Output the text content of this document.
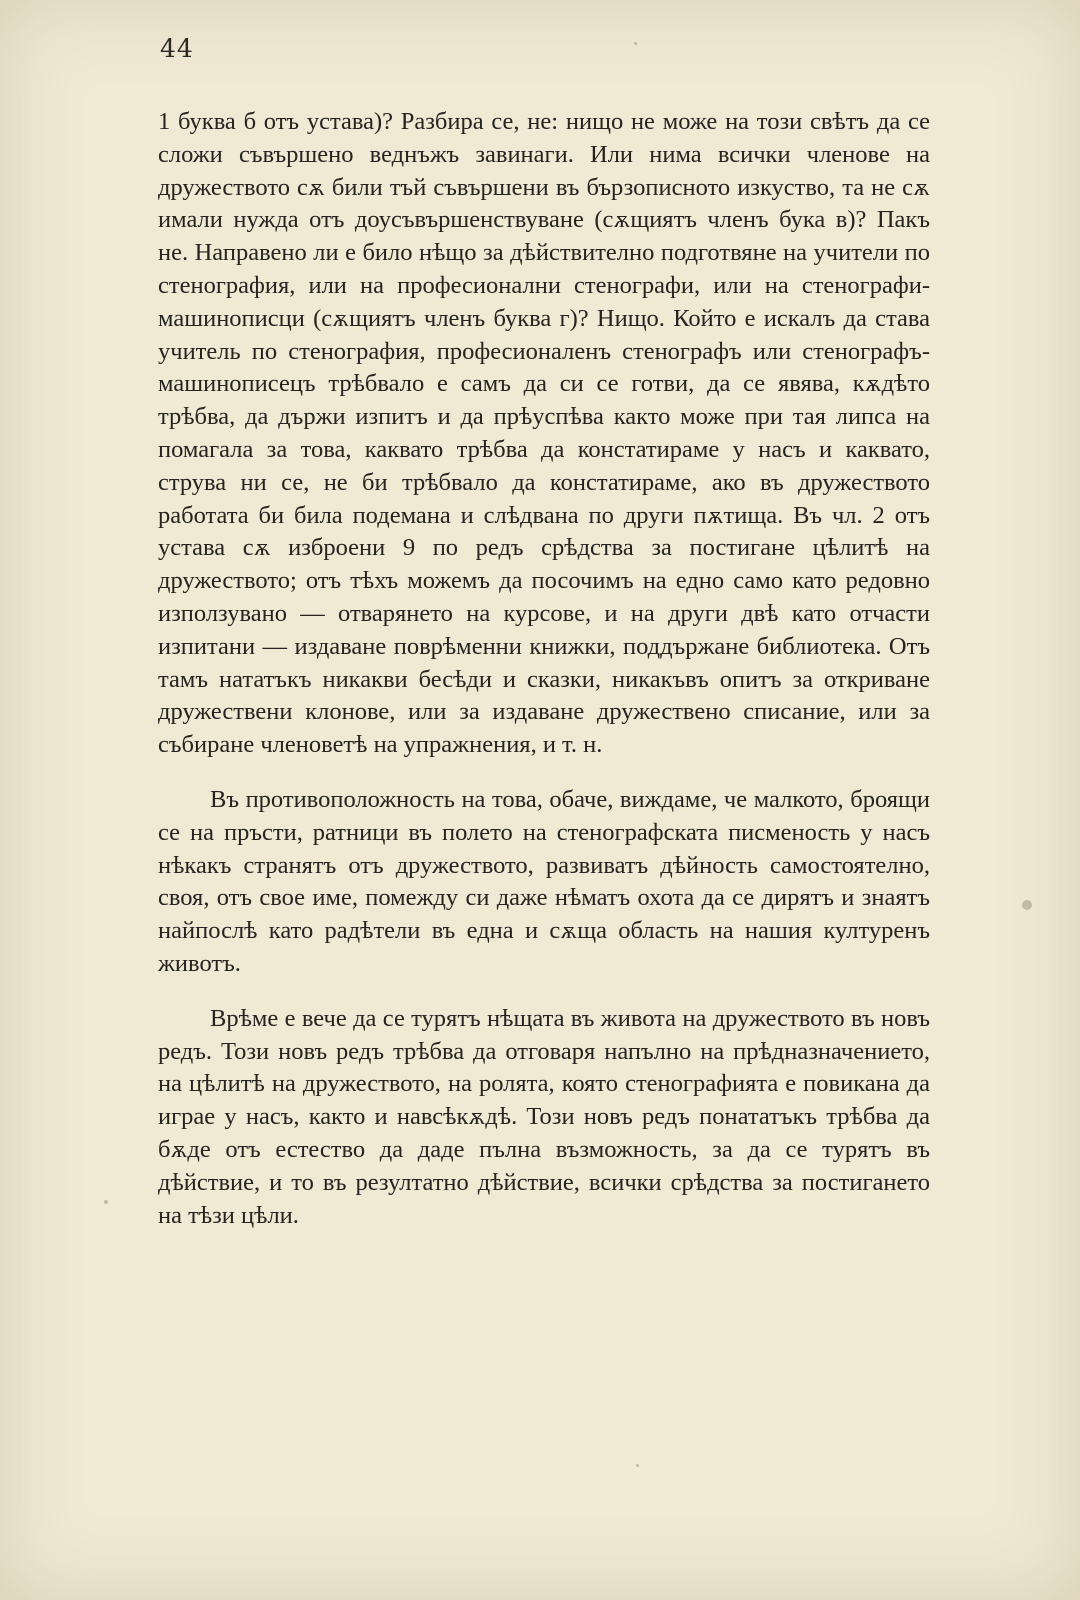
44

1 буква б отъ устава)? Разбира се, не: нищо не може на този свѣтъ да се сложи съвършено веднъжъ завинаги. Или нима всички членове на дружеството сѫ били тъй съвършени въ бързописното изкуство, та не сѫ имали нужда отъ доусъвършенствуване (сѫщиятъ членъ бука в)? Пакъ не. Направено ли е било нѣщо за дѣйствително подготвяне на учители по стенография, или на професионални стенографи, или на стенографи-машинописци (сѫщиятъ членъ буква г)? Нищо. Който е искалъ да става учитель по стенография, професионаленъ стенографъ или стенографъ-машинописецъ трѣбвало е самъ да си се готви, да се явява, кѫдѣто трѣбва, да държи изпитъ и да прѣуспѣва както може при тая липса на помагала за това, каквато трѣбва да констатираме у насъ и каквато, струва ни се, не би трѣбвало да констатираме, ако въ дружеството работата би била подемана и слѣдвана по други пѫтища. Въ чл. 2 отъ устава сѫ изброени 9 по редъ срѣдства за постигане цѣлитѣ на дружеството; отъ тѣхъ можемъ да посочимъ на едно само като редовно използувано — отварянето на курсове, и на други двѣ като отчасти изпитани — издаване поврѣменни книжки, поддържане библиотека. Отъ тамъ нататъкъ никакви бесѣди и сказки, никакъвъ опитъ за откриване дружествени клонове, или за издаване дружествено списание, или за събиране членоветѣ на упражнения, и т. н.

Въ противоположность на това, обаче, виждаме, че малкото, броящи се на пръсти, ратници въ полето на стенографската писменость у насъ нѣкакъ странятъ отъ дружеството, развиватъ дѣйность самостоятелно, своя, отъ свое име, помежду си даже нѣматъ охота да се дирятъ и знаятъ найпослѣ като радѣтели въ една и сѫща область на нашия културенъ животъ.

Врѣме е вече да се турятъ нѣщата въ живота на дружеството въ новъ редъ. Този новъ редъ трѣбва да отговаря напълно на прѣдназначението, на цѣлитѣ на дружеството, на ролята, която стенографията е повикана да играе у насъ, както и навсѣкѫдѣ. Този новъ редъ понататъкъ трѣбва да бѫде отъ естество да даде пълна възможность, за да се турятъ въ дѣйствие, и то въ резултатно дѣйствие, всички срѣдства за постигането на тѣзи цѣли.
